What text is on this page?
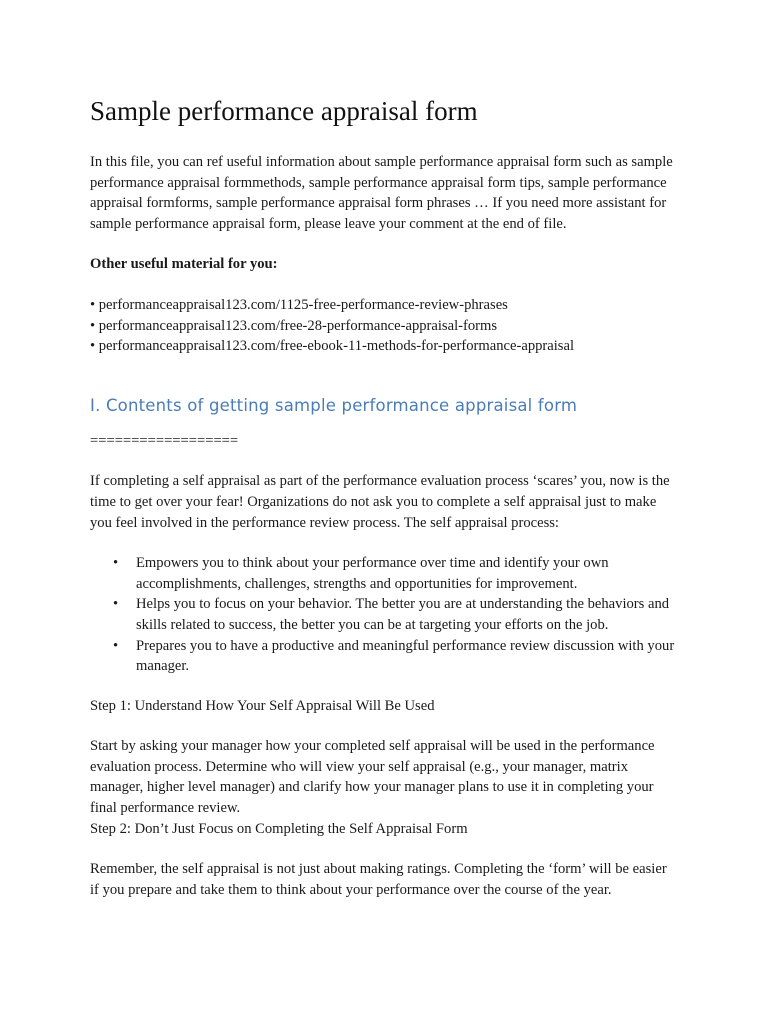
Sample performance appraisal form

In this file, you can ref useful information about sample performance appraisal form such as sample performance appraisal formmethods, sample performance appraisal form tips, sample performance appraisal formforms, sample performance appraisal form phrases … If you need more assistant for sample performance appraisal form, please leave your comment at the end of file.

Other useful material for you:

• performanceappraisal123.com/1125-free-performance-review-phrases
• performanceappraisal123.com/free-28-performance-appraisal-forms
• performanceappraisal123.com/free-ebook-11-methods-for-performance-appraisal
I. Contents of getting sample performance appraisal form
==================

If completing a self appraisal as part of the performance evaluation process ‘scares’ you, now is the time to get over your fear! Organizations do not ask you to complete a self appraisal just to make you feel involved in the performance review process. The self appraisal process:

• Empowers you to think about your performance over time and identify your own accomplishments, challenges, strengths and opportunities for improvement.
• Helps you to focus on your behavior. The better you are at understanding the behaviors and skills related to success, the better you can be at targeting your efforts on the job.
• Prepares you to have a productive and meaningful performance review discussion with your manager.

Step 1: Understand How Your Self Appraisal Will Be Used

Start by asking your manager how your completed self appraisal will be used in the performance evaluation process. Determine who will view your self appraisal (e.g., your manager, matrix manager, higher level manager) and clarify how your manager plans to use it in completing your final performance review.

Step 2: Don’t Just Focus on Completing the Self Appraisal Form

Remember, the self appraisal is not just about making ratings. Completing the ‘form’ will be easier if you prepare and take them to think about your performance over the course of the year.
